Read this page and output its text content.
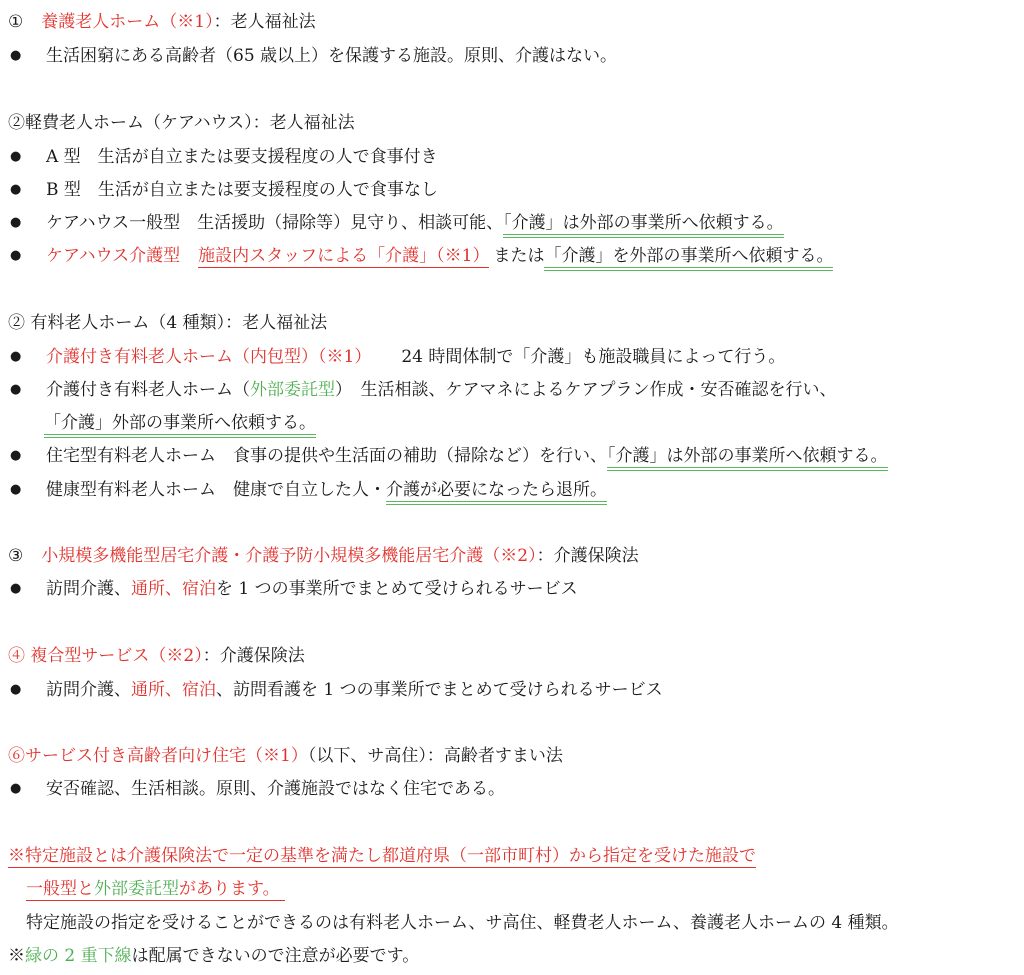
① 養護老人ホーム（※1）：老人福祉法
● 生活困窮にある高齢者（65 歳以上）を保護する施設。原則、介護はない。
②軽費老人ホーム（ケアハウス）：老人福祉法
● A 型　生活が自立または要支援程度の人で食事付き
● B 型　生活が自立または要支援程度の人で食事なし
● ケアハウス一般型　生活援助（掃除等）見守り、相談可能、「介護」は外部の事業所へ依頼する。
● ケアハウス介護型 施設内スタッフによる「介護」（※1） または「介護」を外部の事業所へ依頼する。
② 有料老人ホーム（4 種類）：老人福祉法
● 介護付き有料老人ホーム（内包型）（※1） 24 時間体制で「介護」も施設職員によって行う。
● 介護付き有料老人ホーム（外部委託型）　生活相談、ケアマネによるケアプラン作成・安否確認を行い、
「介護」外部の事業所へ依頼する。
● 住宅型有料老人ホーム　食事の提供や生活面の補助（掃除など）を行い、「介護」は外部の事業所へ依頼する。
● 健康型有料老人ホーム　健康で自立した人・介護が必要になったら退所。
③ 小規模多機能型居宅介護・介護予防小規模多機能居宅介護（※2）：介護保険法
● 訪問介護、通所、宿泊を 1 つの事業所でまとめて受けられるサービス
④ 複合型サービス（※2）：介護保険法
● 訪問介護、通所、宿泊、訪問看護を 1 つの事業所でまとめて受けられるサービス
⑥サービス付き高齢者向け住宅（※1）（以下、サ高住）：高齢者すまい法
● 安否確認、生活相談。原則、介護施設ではなく住宅である。
※特定施設とは介護保険法で一定の基準を満たし都道府県（一部市町村）から指定を受けた施設で
一般型と外部委託型があります。
特定施設の指定を受けることができるのは有料老人ホーム、サ高住、軽費老人ホーム、養護老人ホームの 4 種類。
※緑の 2 重下線は配属できないので注意が必要です。
